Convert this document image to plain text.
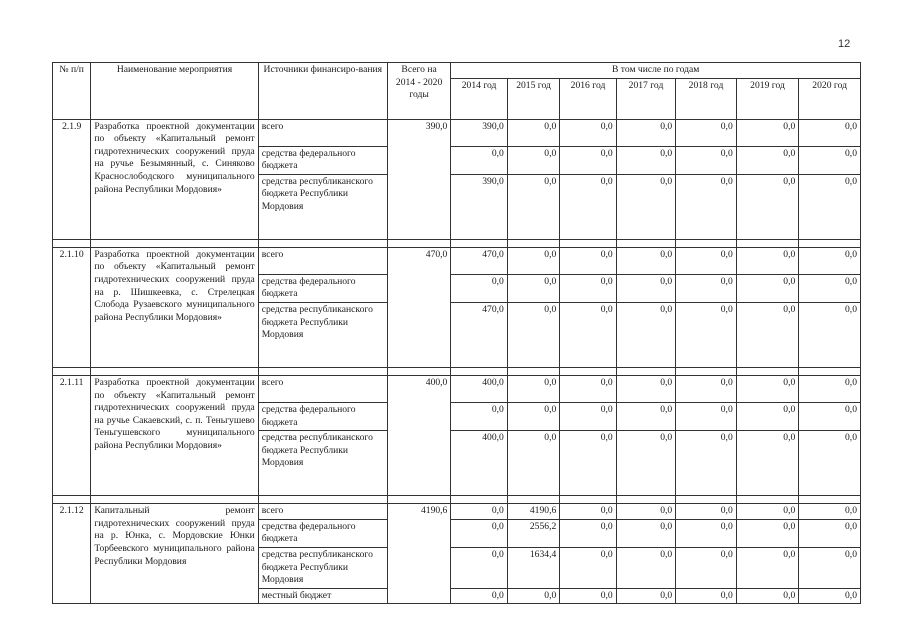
12
№ п/п	Наименование мероприятия	Источники финансиро-вания	Всего на 2014 - 2020 годы	В том числе по годам						
				2014 год	2015 год	2016 год	2017 год	2018 год	2019 год	2020 год
2.1.9	Разработка проектной документации по объекту «Капитальный ремонт гидротехнических сооружений пруда на ручье Безымянный, с. Синяково Краснослободского муниципального района Республики Мордовия»	всего	390,0	390,0	0,0	0,0	0,0	0,0	0,0	0,0
		средства федерального бюджета		0,0	0,0	0,0	0,0	0,0	0,0	0,0
		средства республиканского бюджета Республики Мордовия		390,0	0,0	0,0	0,0	0,0	0,0	0,0

2.1.10	Разработка проектной документации по объекту «Капитальный ремонт гидротехнических сооружений пруда на р. Шишкеевка, с. Стрелецкая Слобода Рузаевского муниципального района Республики Мордовия»	всего	470,0	470,0	0,0	0,0	0,0	0,0	0,0	0,0
		средства федерального бюджета		0,0	0,0	0,0	0,0	0,0	0,0	0,0
		средства республиканского бюджета Республики Мордовия		470,0	0,0	0,0	0,0	0,0	0,0	0,0

2.1.11	Разработка проектной документации по объекту «Капитальный ремонт гидротехнических сооружений пруда на ручье Сакаевский, с. п. Теньгушево Теньгушевского муниципального района Республики Мордовия»	всего	400,0	400,0	0,0	0,0	0,0	0,0	0,0	0,0
		средства федерального бюджета		0,0	0,0	0,0	0,0	0,0	0,0	0,0
		средства республиканского бюджета Республики Мордовия		400,0	0,0	0,0	0,0	0,0	0,0	0,0

2.1.12	Капитальный ремонт гидротехнических сооружений пруда на р. Юнка, с. Мордовские Юнки Торбеевского муниципального района Республики Мордовия	всего	4190,6	0,0	4190,6	0,0	0,0	0,0	0,0	0,0
		средства федерального бюджета		0,0	2556,2	0,0	0,0	0,0	0,0	0,0
		средства республиканского бюджета Республики Мордовия		0,0	1634,4	0,0	0,0	0,0	0,0	0,0
		местный бюджет		0,0	0,0	0,0	0,0	0,0	0,0	0,0
